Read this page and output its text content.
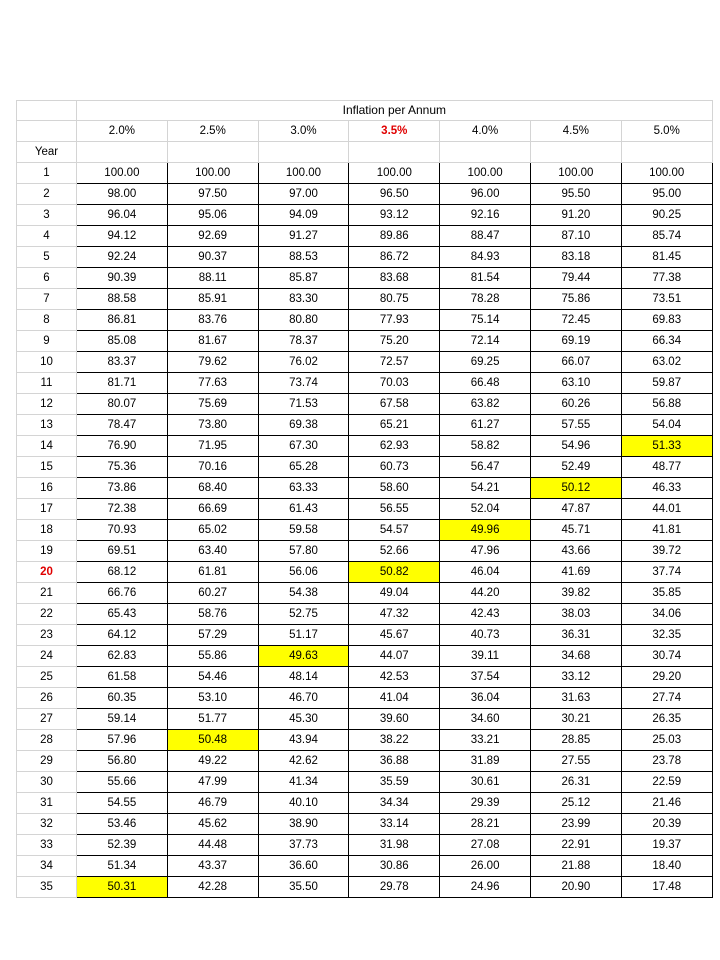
	Inflation per Annum						
	2.0%	2.5%	3.0%	3.5%	4.0%	4.5%	5.0%
Year							
1	100.00	100.00	100.00	100.00	100.00	100.00	100.00
2	98.00	97.50	97.00	96.50	96.00	95.50	95.00
3	96.04	95.06	94.09	93.12	92.16	91.20	90.25
4	94.12	92.69	91.27	89.86	88.47	87.10	85.74
5	92.24	90.37	88.53	86.72	84.93	83.18	81.45
6	90.39	88.11	85.87	83.68	81.54	79.44	77.38
7	88.58	85.91	83.30	80.75	78.28	75.86	73.51
8	86.81	83.76	80.80	77.93	75.14	72.45	69.83
9	85.08	81.67	78.37	75.20	72.14	69.19	66.34
10	83.37	79.62	76.02	72.57	69.25	66.07	63.02
11	81.71	77.63	73.74	70.03	66.48	63.10	59.87
12	80.07	75.69	71.53	67.58	63.82	60.26	56.88
13	78.47	73.80	69.38	65.21	61.27	57.55	54.04
14	76.90	71.95	67.30	62.93	58.82	54.96	51.33
15	75.36	70.16	65.28	60.73	56.47	52.49	48.77
16	73.86	68.40	63.33	58.60	54.21	50.12	46.33
17	72.38	66.69	61.43	56.55	52.04	47.87	44.01
18	70.93	65.02	59.58	54.57	49.96	45.71	41.81
19	69.51	63.40	57.80	52.66	47.96	43.66	39.72
20	68.12	61.81	56.06	50.82	46.04	41.69	37.74
21	66.76	60.27	54.38	49.04	44.20	39.82	35.85
22	65.43	58.76	52.75	47.32	42.43	38.03	34.06
23	64.12	57.29	51.17	45.67	40.73	36.31	32.35
24	62.83	55.86	49.63	44.07	39.11	34.68	30.74
25	61.58	54.46	48.14	42.53	37.54	33.12	29.20
26	60.35	53.10	46.70	41.04	36.04	31.63	27.74
27	59.14	51.77	45.30	39.60	34.60	30.21	26.35
28	57.96	50.48	43.94	38.22	33.21	28.85	25.03
29	56.80	49.22	42.62	36.88	31.89	27.55	23.78
30	55.66	47.99	41.34	35.59	30.61	26.31	22.59
31	54.55	46.79	40.10	34.34	29.39	25.12	21.46
32	53.46	45.62	38.90	33.14	28.21	23.99	20.39
33	52.39	44.48	37.73	31.98	27.08	22.91	19.37
34	51.34	43.37	36.60	30.86	26.00	21.88	18.40
35	50.31	42.28	35.50	29.78	24.96	20.90	17.48
